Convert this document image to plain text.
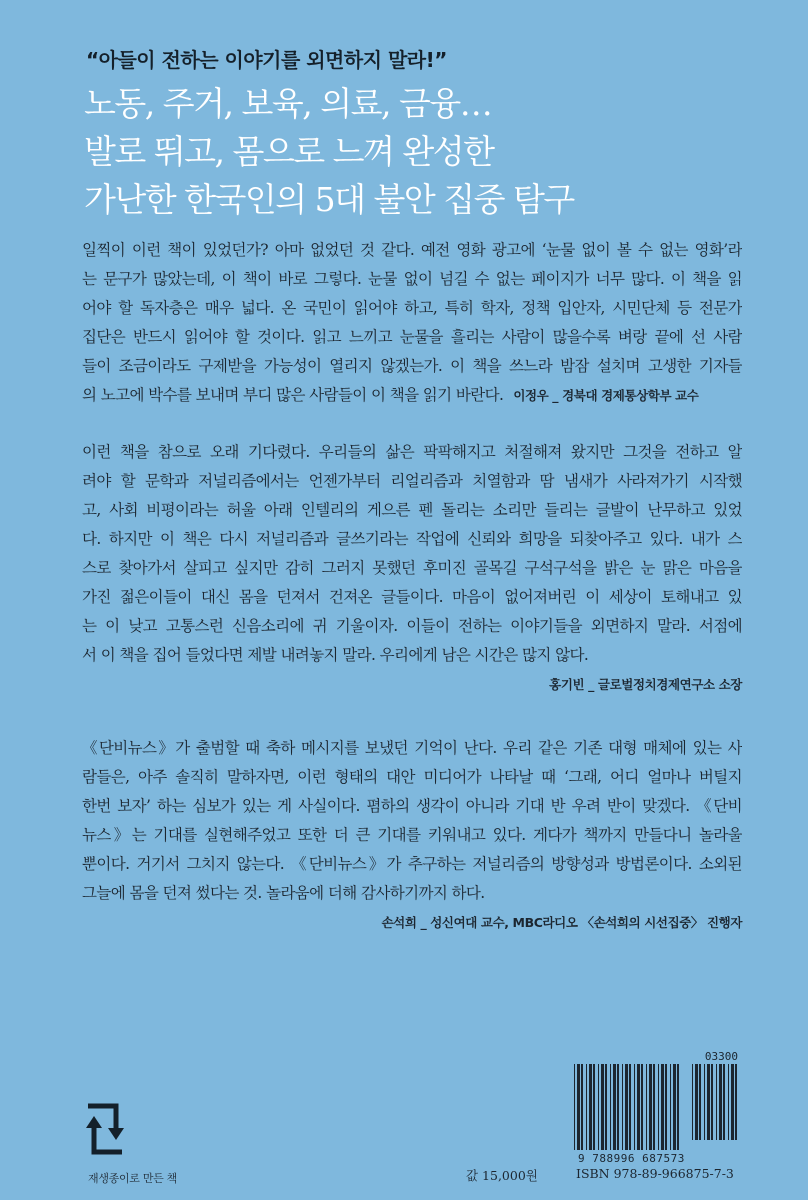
“아들이 전하는 이야기를 외면하지 말라!”
노동, 주거, 보육, 의료, 금융…
발로 뛰고, 몸으로 느껴 완성한
가난한 한국인의 5대 불안 집중 탐구
일찍이 이런 책이 있었던가? 아마 없었던 것 같다. 예전 영화 광고에 ‘눈물 없이 볼 수 없는 영화’라
는 문구가 많았는데, 이 책이 바로 그렇다. 눈물 없이 넘길 수 없는 페이지가 너무 많다. 이 책을 읽
어야 할 독자층은 매우 넓다. 온 국민이 읽어야 하고, 특히 학자, 정책 입안자, 시민단체 등 전문가
집단은 반드시 읽어야 할 것이다. 읽고 느끼고 눈물을 흘리는 사람이 많을수록 벼랑 끝에 선 사람
들이 조금이라도 구제받을 가능성이 열리지 않겠는가. 이 책을 쓰느라 밤잠 설치며 고생한 기자들
의 노고에 박수를 보내며 부디 많은 사람들이 이 책을 읽기 바란다. 이정우 _ 경북대 경제통상학부 교수
이런 책을 참으로 오래 기다렸다. 우리들의 삶은 팍팍해지고 처절해져 왔지만 그것을 전하고 알
려야 할 문학과 저널리즘에서는 언젠가부터 리얼리즘과 치열함과 땀 냄새가 사라져가기 시작했
고, 사회 비평이라는 허울 아래 인텔리의 게으른 펜 돌리는 소리만 들리는 글발이 난무하고 있었
다. 하지만 이 책은 다시 저널리즘과 글쓰기라는 작업에 신뢰와 희망을 되찾아주고 있다. 내가 스
스로 찾아가서 살피고 싶지만 감히 그러지 못했던 후미진 골목길 구석구석을 밝은 눈 맑은 마음을
가진 젊은이들이 대신 몸을 던져서 건져온 글들이다. 마음이 없어져버린 이 세상이 토해내고 있
는 이 낮고 고통스런 신음소리에 귀 기울이자. 이들이 전하는 이야기들을 외면하지 말라. 서점에
서 이 책을 집어 들었다면 제발 내려놓지 말라. 우리에게 남은 시간은 많지 않다.
홍기빈 _ 글로벌정치경제연구소 소장
《단비뉴스》가 출범할 때 축하 메시지를 보냈던 기억이 난다. 우리 같은 기존 대형 매체에 있는 사
람들은, 아주 솔직히 말하자면, 이런 형태의 대안 미디어가 나타날 때 ‘그래, 어디 얼마나 버틸지
한번 보자’ 하는 심보가 있는 게 사실이다. 폄하의 생각이 아니라 기대 반 우려 반이 맞겠다. 《단비
뉴스》는 기대를 실현해주었고 또한 더 큰 기대를 키워내고 있다. 게다가 책까지 만들다니 놀라울
뿐이다. 거기서 그치지 않는다. 《단비뉴스》가 추구하는 저널리즘의 방향성과 방법론이다. 소외된
그늘에 몸을 던져 썼다는 것. 놀라움에 더해 감사하기까지 하다.
손석희 _ 성신여대 교수, MBC라디오 〈손석희의 시선집중〉 진행자
재생종이로 만든 책
03300
9 788996 687573
값 15,000원	ISBN 978-89-966875-7-3
